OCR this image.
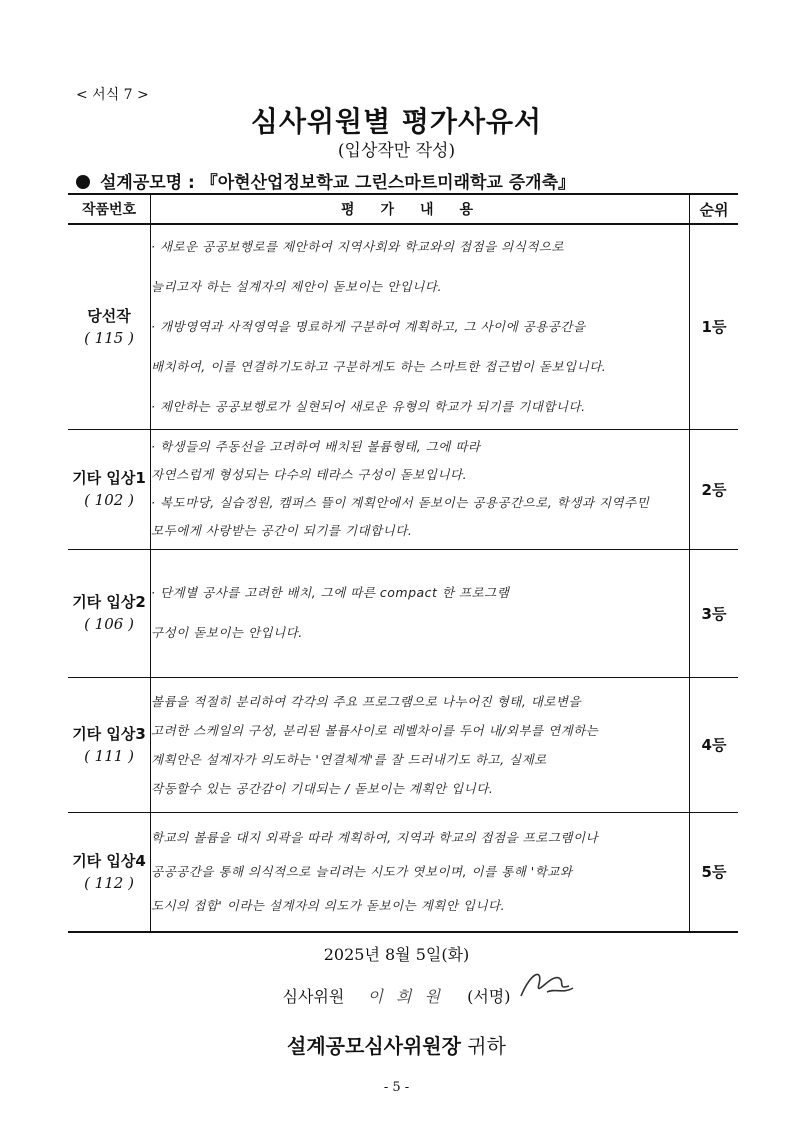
< 서식 7 >
심사위원별 평가사유서
(입상작만 작성)
설계공모명 : 『아현산업정보학교 그린스마트미래학교 증개축』
작품번호	평가내용	순위

당선작
( 115 )	· 새로운 공공보행로를 제안하여 지역사회와 학교와의 접점을 의식적으로
늘리고자 하는 설계자의 제안이 돋보이는 안입니다.
· 개방영역과 사적영역을 명료하게 구분하여 계획하고, 그 사이에 공용공간을
배치하여, 이를 연결하기도하고 구분하게도 하는 스마트한 접근법이 돋보입니다.
· 제안하는 공공보행로가 실현되어 새로운 유형의 학교가 되기를 기대합니다.	1등

기타 입상1
( 102 )	· 학생들의 주동선을 고려하여 배치된 볼륨형태, 그에 따라
자연스럽게 형성되는 다수의 테라스 구성이 돋보입니다.
· 복도마당, 실습정원, 캠퍼스 뜰이 계획안에서 돋보이는 공용공간으로, 학생과 지역주민
모두에게 사랑받는 공간이 되기를 기대합니다.	2등

기타 입상2
( 106 )	· 단계별 공사를 고려한 배치, 그에 따른 compact 한 프로그램
구성이 돋보이는 안입니다.	3등

기타 입상3
( 111 )	볼륨을 적절히 분리하여 각각의 주요 프로그램으로 나누어진 형태, 대로변을
고려한 스케일의 구성, 분리된 볼륨사이로 레벨차이를 두어 내/외부를 연계하는
계획안은 설계자가 의도하는 '연결체계'를 잘 드러내기도 하고, 실제로
작동할수 있는 공간감이 기대되는 / 돋보이는 계획안 입니다.	4등

기타 입상4
( 112 )	학교의 볼륨을 대지 외곽을 따라 계획하여, 지역과 학교의 접점을 프로그램이나
공공공간을 통해 의식적으로 늘리려는 시도가 엿보이며, 이를 통해 '학교와
도시의 접합' 이라는 설계자의 의도가 돋보이는 계획안 입니다.	5등
2025년 8월 5일(화)
심사위원 이 희 원 (서명)
설계공모심사위원장 귀하
- 5 -
